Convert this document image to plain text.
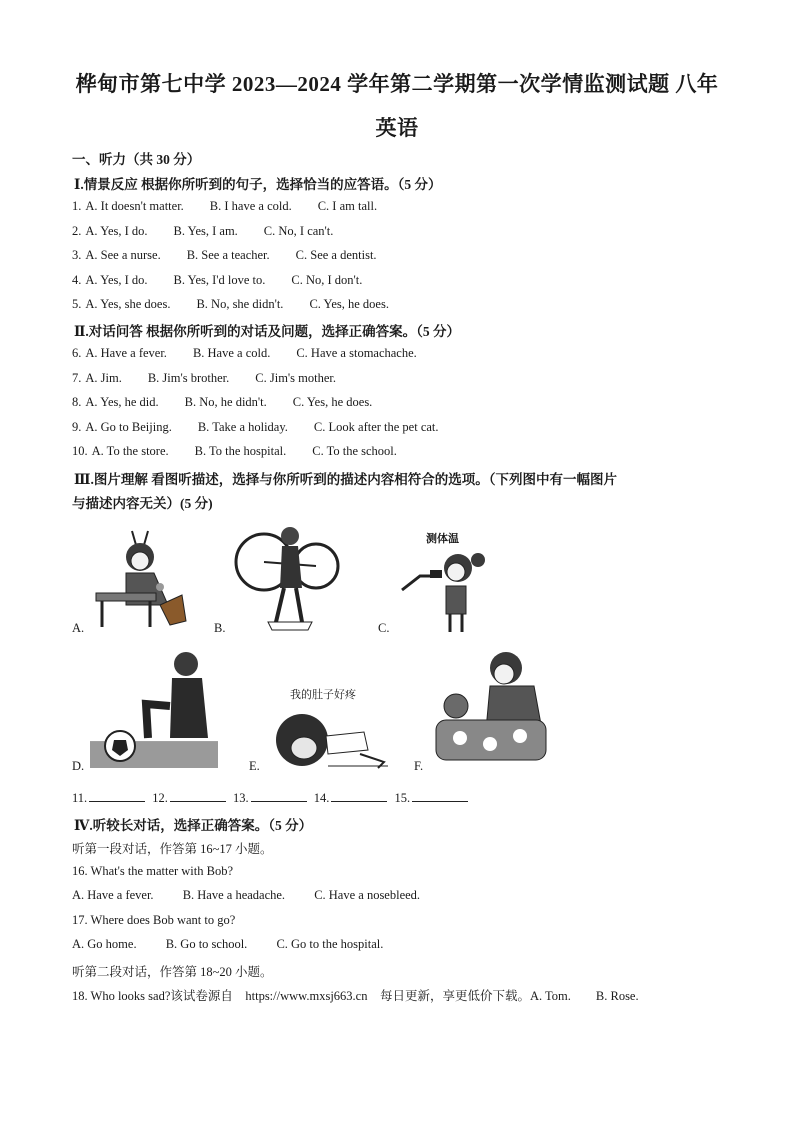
桦甸市第七中学 2023—2024 学年第二学期第一次学情监测试题 八年
英语
一、听力（共 30 分）
Ⅰ.情景反应 根据你所听到的句子，选择恰当的应答语。（5 分）
1. A. It doesn't matter. B. I have a cold. C. I am tall.
2. A. Yes, I do. B. Yes, I am. C. No, I can't.
3. A. See a nurse. B. See a teacher. C. See a dentist.
4. A. Yes, I do. B. Yes, I'd love to. C. No, I don't.
5. A. Yes, she does. B. No, she didn't. C. Yes, he does.
Ⅱ.对话问答 根据你所听到的对话及问题，选择正确答案。（5 分）
6. A. Have a fever. B. Have a cold. C. Have a stomachache.
7. A. Jim. B. Jim's brother. C. Jim's mother.
8. A. Yes, he did. B. No, he didn't. C. Yes, he does.
9. A. Go to Beijing. B. Take a holiday. C. Look after the pet cat.
10. A. To the store. B. To the hospital. C. To the school.
Ⅲ.图片理解 看图听描述，选择与你所听到的描述内容相符合的选项。（下列图中有一幅图片
与描述内容无关）(5 分)
A.	B.	C.
测体温
D.	E.
我的肚子好疼
F.
11.	12.	13.	14.	15.
Ⅳ.听较长对话，选择正确答案。（5 分）
听第一段对话，作答第 16~17 小题。
16. What's the matter with Bob?
A. Have a fever. B. Have a headache. C. Have a nosebleed.
17. Where does Bob want to go?
A. Go home. B. Go to school. C. Go to the hospital.
听第二段对话，作答第 18~20 小题。
18. Who looks sad?该试卷源自    https://www.mxsj663.cn    每日更新，享更低价下载。A. Tom.        B. Rose.
